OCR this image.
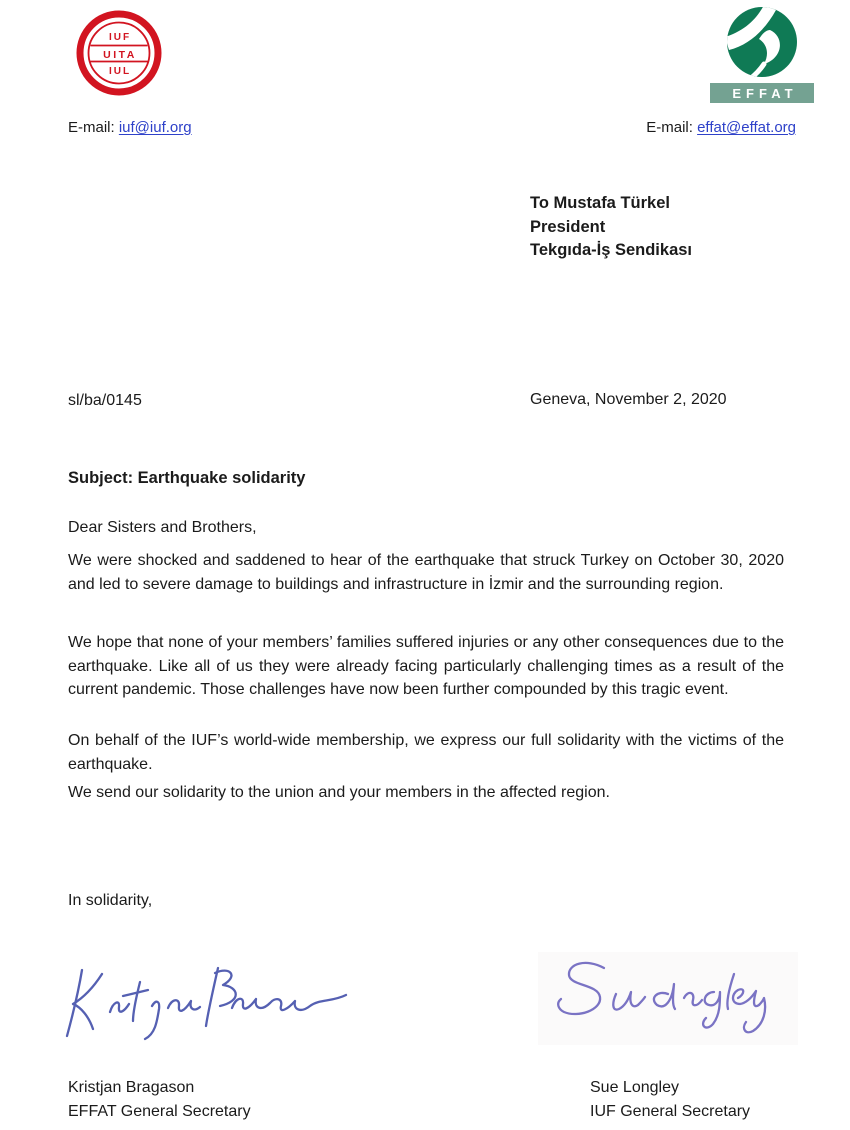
IUF
UITA
IUL
EFFAT
E-mail: iuf@iuf.org	E-mail: effat@effat.org
To Mustafa Türkel
President
Tekgıda-İş Sendikası
sl/ba/0145	Geneva, November 2, 2020
Subject: Earthquake solidarity
Dear Sisters and Brothers,

We were shocked and saddened to hear of the earthquake that struck Turkey on October 30, 2020 and led to severe damage to buildings and infrastructure in İzmir and the surrounding region.

We hope that none of your members’ families suffered injuries or any other consequences due to the earthquake. Like all of us they were already facing particularly challenging times as a result of the current pandemic. Those challenges have now been further compounded by this tragic event.

On behalf of the IUF’s world-wide membership, we express our full solidarity with the victims of the earthquake.

We send our solidarity to the union and your members in the affected region.

In solidarity,
Kristjan Bragason
EFFAT General Secretary
Sue Longley
IUF General Secretary
